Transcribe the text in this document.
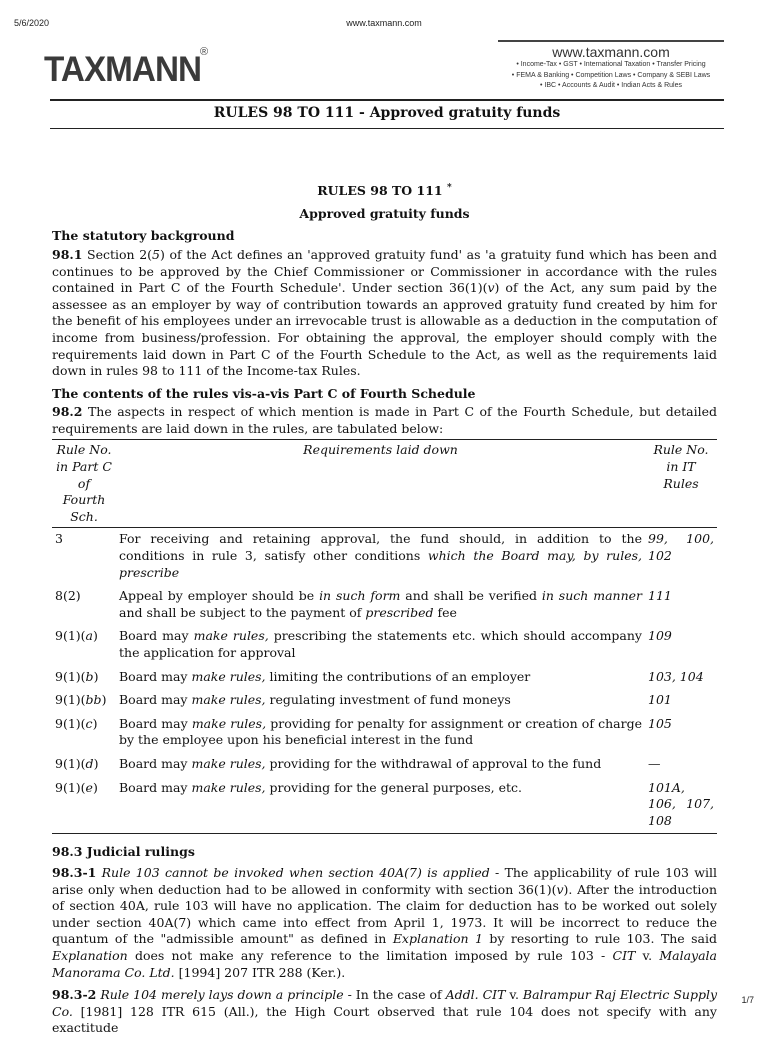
5/6/2020	www.taxmann.com
TAXMANN
®	www.taxmann.com
• Income-Tax • GST • International Taxation • Transfer Pricing
• FEMA & Banking • Competition Laws • Company & SEBI Laws
• IBC • Accounts & Audit • Indian Acts & Rules
RULES 98 TO 111 - Approved gratuity funds
RULES 98 TO 111 *
Approved gratuity funds
The statutory background

98.1 Section 2(5) of the Act defines an 'approved gratuity fund' as 'a gratuity fund which has been and continues to be approved by the Chief Commissioner or Commissioner in accordance with the rules contained in Part C of the Fourth Schedule'. Under section 36(1)(v) of the Act, any sum paid by the assessee as an employer by way of contribution towards an approved gratuity fund created by him for the benefit of his employees under an irrevocable trust is allowable as a deduction in the computation of income from business/profession. For obtaining the approval, the employer should comply with the requirements laid down in Part C of the Fourth Schedule to the Act, as well as the requirements laid down in rules 98 to 111 of the Income-tax Rules.

The contents of the rules vis-a-vis Part C of Fourth Schedule

98.2 The aspects in respect of which mention is made in Part C of the Fourth Schedule, but detailed requirements are laid down in the rules, are tabulated below:

Rule No. in Part C of Fourth Sch.	Requirements laid down	Rule No. in IT Rules
3	For receiving and retaining approval, the fund should, in addition to the conditions in rule 3, satisfy other conditions which the Board may, by rules, prescribe	99, 100, 102
8(2)	Appeal by employer should be in such form and shall be verified in such manner and shall be subject to the payment of prescribed fee	111
9(1)(a)	Board may make rules, prescribing the statements etc. which should accompany the application for approval	109
9(1)(b)	Board may make rules, limiting the contributions of an employer	103, 104
9(1)(bb)	Board may make rules, regulating investment of fund moneys	101
9(1)(c)	Board may make rules, providing for penalty for assignment or creation of charge by the employee upon his beneficial interest in the fund	105
9(1)(d)	Board may make rules, providing for the withdrawal of approval to the fund	—
9(1)(e)	Board may make rules, providing for the general purposes, etc.	101A, 106, 107, 108
98.3 Judicial rulings

98.3-1 Rule 103 cannot be invoked when section 40A(7) is applied - The applicability of rule 103 will arise only when deduction had to be allowed in conformity with section 36(1)(v). After the introduction of section 40A, rule 103 will have no application. The claim for deduction has to be worked out solely under section 40A(7) which came into effect from April 1, 1973. It will be incorrect to reduce the quantum of the "admissible amount" as defined in Explanation 1 by resorting to rule 103. The said Explanation does not make any reference to the limitation imposed by rule 103 - CIT v. Malayala Manorama Co. Ltd. [1994] 207 ITR 288 (Ker.).

98.3-2 Rule 104 merely lays down a principle - In the case of Addl. CIT v. Balrampur Raj Electric Supply Co. [1981] 128 ITR 615 (All.), the High Court observed that rule 104 does not specify with any exactitude

1/7
